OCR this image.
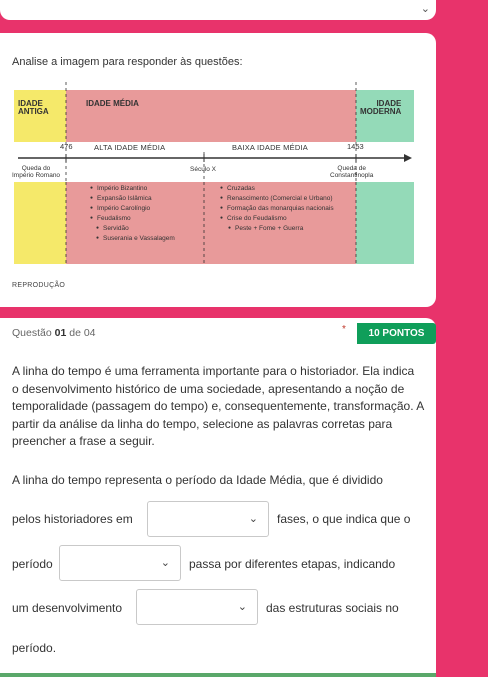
⌄
Analise a imagem para responder às questões:
IDADE
ANTIGA
IDADE MÉDIA	IDADE
MODERNA
476	ALTA IDADE MÉDIA	BAIXA IDADE MÉDIA	1453
Queda do
Império Romano
Século X	Queda de
Constantinopla
● Império Bizantino
● Expansão Islâmica
● Império Carolíngio
● Feudalismo
● Servidão
● Suserania e Vassalagem
● Cruzadas
● Renascimento (Comercial e Urbano)
● Formação das monarquias nacionais
● Crise do Feudalismo
● Peste + Fome + Guerra
REPRODUÇÃO
Questão 01 de 04	*	10 PONTOS
A linha do tempo é uma ferramenta importante para o historiador. Ela indica o desenvolvimento histórico de uma sociedade, apresentando a noção de temporalidade (passagem do tempo) e, consequentemente, transformação. A partir da análise da linha do tempo, selecione as palavras corretas para preencher a frase a seguir.
A linha do tempo representa o período da Idade Média, que é dividido
pelos historiadores em	⌄ fases, o que indica que o
período	⌄ passa por diferentes etapas, indicando
um desenvolvimento	⌄ das estruturas sociais no
período.
